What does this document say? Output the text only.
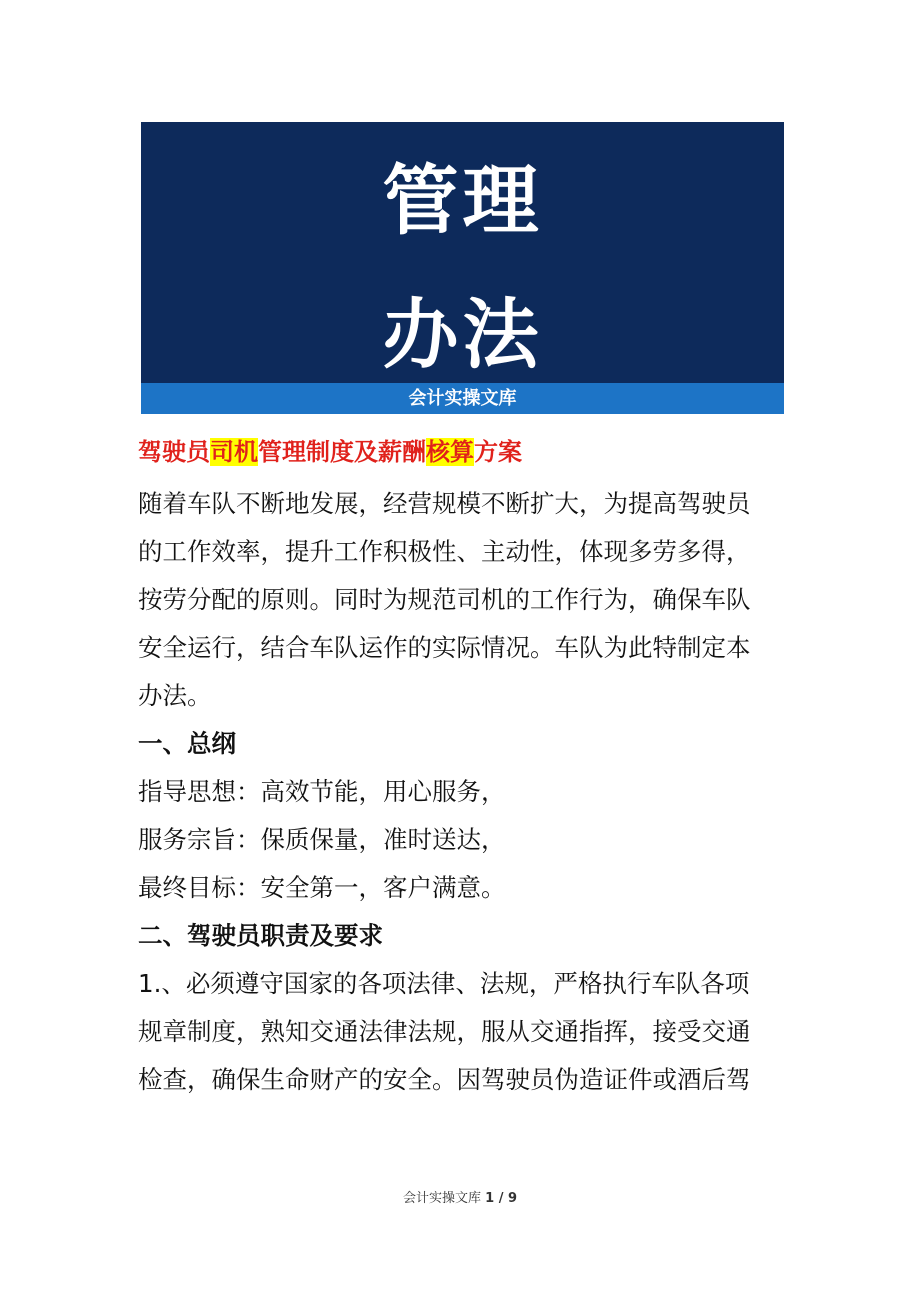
管理
办法
会计实操文库
驾驶员司机管理制度及薪酬核算方案
随着车队不断地发展，经营规模不断扩大，为提高驾驶员
的工作效率，提升工作积极性、主动性，体现多劳多得，
按劳分配的原则。同时为规范司机的工作行为，确保车队
安全运行，结合车队运作的实际情况。车队为此特制定本
办法。
一、总纲
指导思想：高效节能，用心服务，
服务宗旨：保质保量，准时送达，
最终目标：安全第一，客户满意。
二、驾驶员职责及要求
1.、必须遵守国家的各项法律、法规，严格执行车队各项
规章制度，熟知交通法律法规，服从交通指挥，接受交通
检查，确保生命财产的安全。因驾驶员伪造证件或酒后驾
会计实操文库 1 / 9
